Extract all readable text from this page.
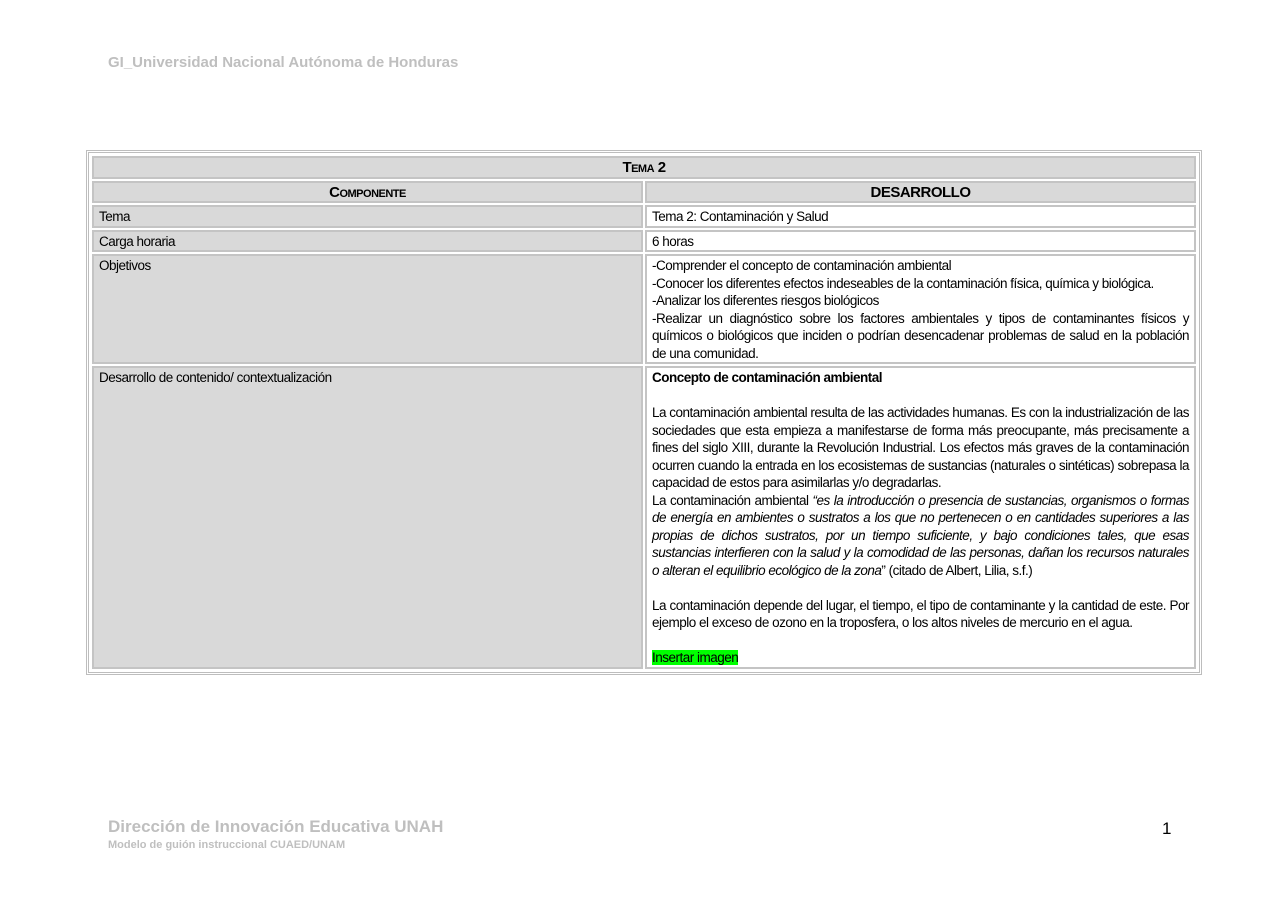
GI_Universidad Nacional Autónoma de Honduras
Tema 2	
Componente	DESARROLLO
Tema	Tema 2: Contaminación y Salud
Carga horaria	6 horas
Objetivos	-Comprender el concepto de contaminación ambiental

-Conocer los diferentes efectos indeseables de la contaminación física, química y biológica.

-Analizar los diferentes riesgos biológicos

-Realizar un diagnóstico sobre los factores ambientales y tipos de contaminantes físicos y químicos o biológicos que inciden o podrían desencadenar problemas de salud en la población de una comunidad.

Desarrollo de contenido/ contextualización	Concepto de contaminación ambiental

La contaminación ambiental resulta de las actividades humanas. Es con la industrialización de las sociedades que esta empieza a manifestarse de forma más preocupante, más precisamente a fines del siglo XIII, durante la Revolución Industrial. Los efectos más graves de la contaminación ocurren cuando la entrada en los ecosistemas de sustancias (naturales o sintéticas) sobrepasa la capacidad de estos para asimilarlas y/o degradarlas.

La contaminación ambiental “es la introducción o presencia de sustancias, organismos o formas de energía en ambientes o sustratos a los que no pertenecen o en cantidades superiores a las propias de dichos sustratos, por un tiempo suficiente, y bajo condiciones tales, que esas sustancias interfieren con la salud y la comodidad de las personas, dañan los recursos naturales o alteran el equilibrio ecológico de la zona” (citado de Albert, Lilia, s.f.)

La contaminación depende del lugar, el tiempo, el tipo de contaminante y la cantidad de este. Por ejemplo el exceso de ozono en la troposfera, o los altos niveles de mercurio en el agua.

Insertar imagen

Dirección de Innovación Educativa UNAH
Modelo de guión instruccional CUAED/UNAM
1
